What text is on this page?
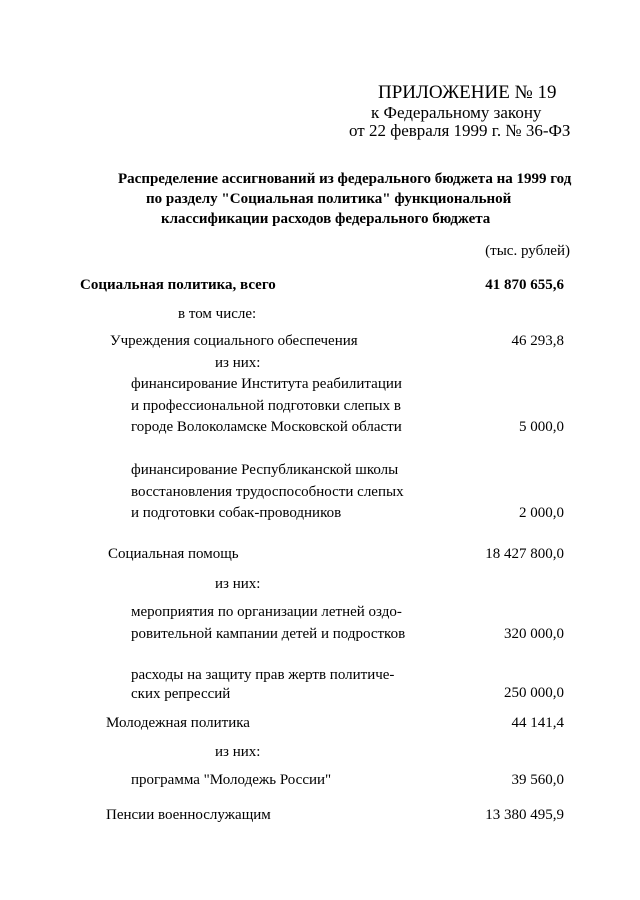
ПРИЛОЖЕНИЕ № 19
к Федеральному закону
от 22 февраля 1999 г. № 36-ФЗ
Распределение ассигнований из федерального бюджета на 1999 год
по разделу "Социальная политика" функциональной
классификации расходов федерального бюджета
(тыс. рублей)
Социальная политика, всего	41 870 655,6
в том числе:
Учреждения социального обеспечения	46 293,8
из них:
финансирование Института реабилитации
и профессиональной подготовки слепых в
городе Волоколамске Московской области	5 000,0
финансирование Республиканской школы
восстановления трудоспособности слепых
и подготовки собак-проводников	2 000,0
Социальная помощь	18 427 800,0
из них:
мероприятия по организации летней оздо-
ровительной кампании детей и подростков	320 000,0
расходы на защиту прав жертв политиче-
ских репрессий	250 000,0
Молодежная политика	44 141,4
из них:
программа "Молодежь России"	39 560,0
Пенсии военнослужащим	13 380 495,9
